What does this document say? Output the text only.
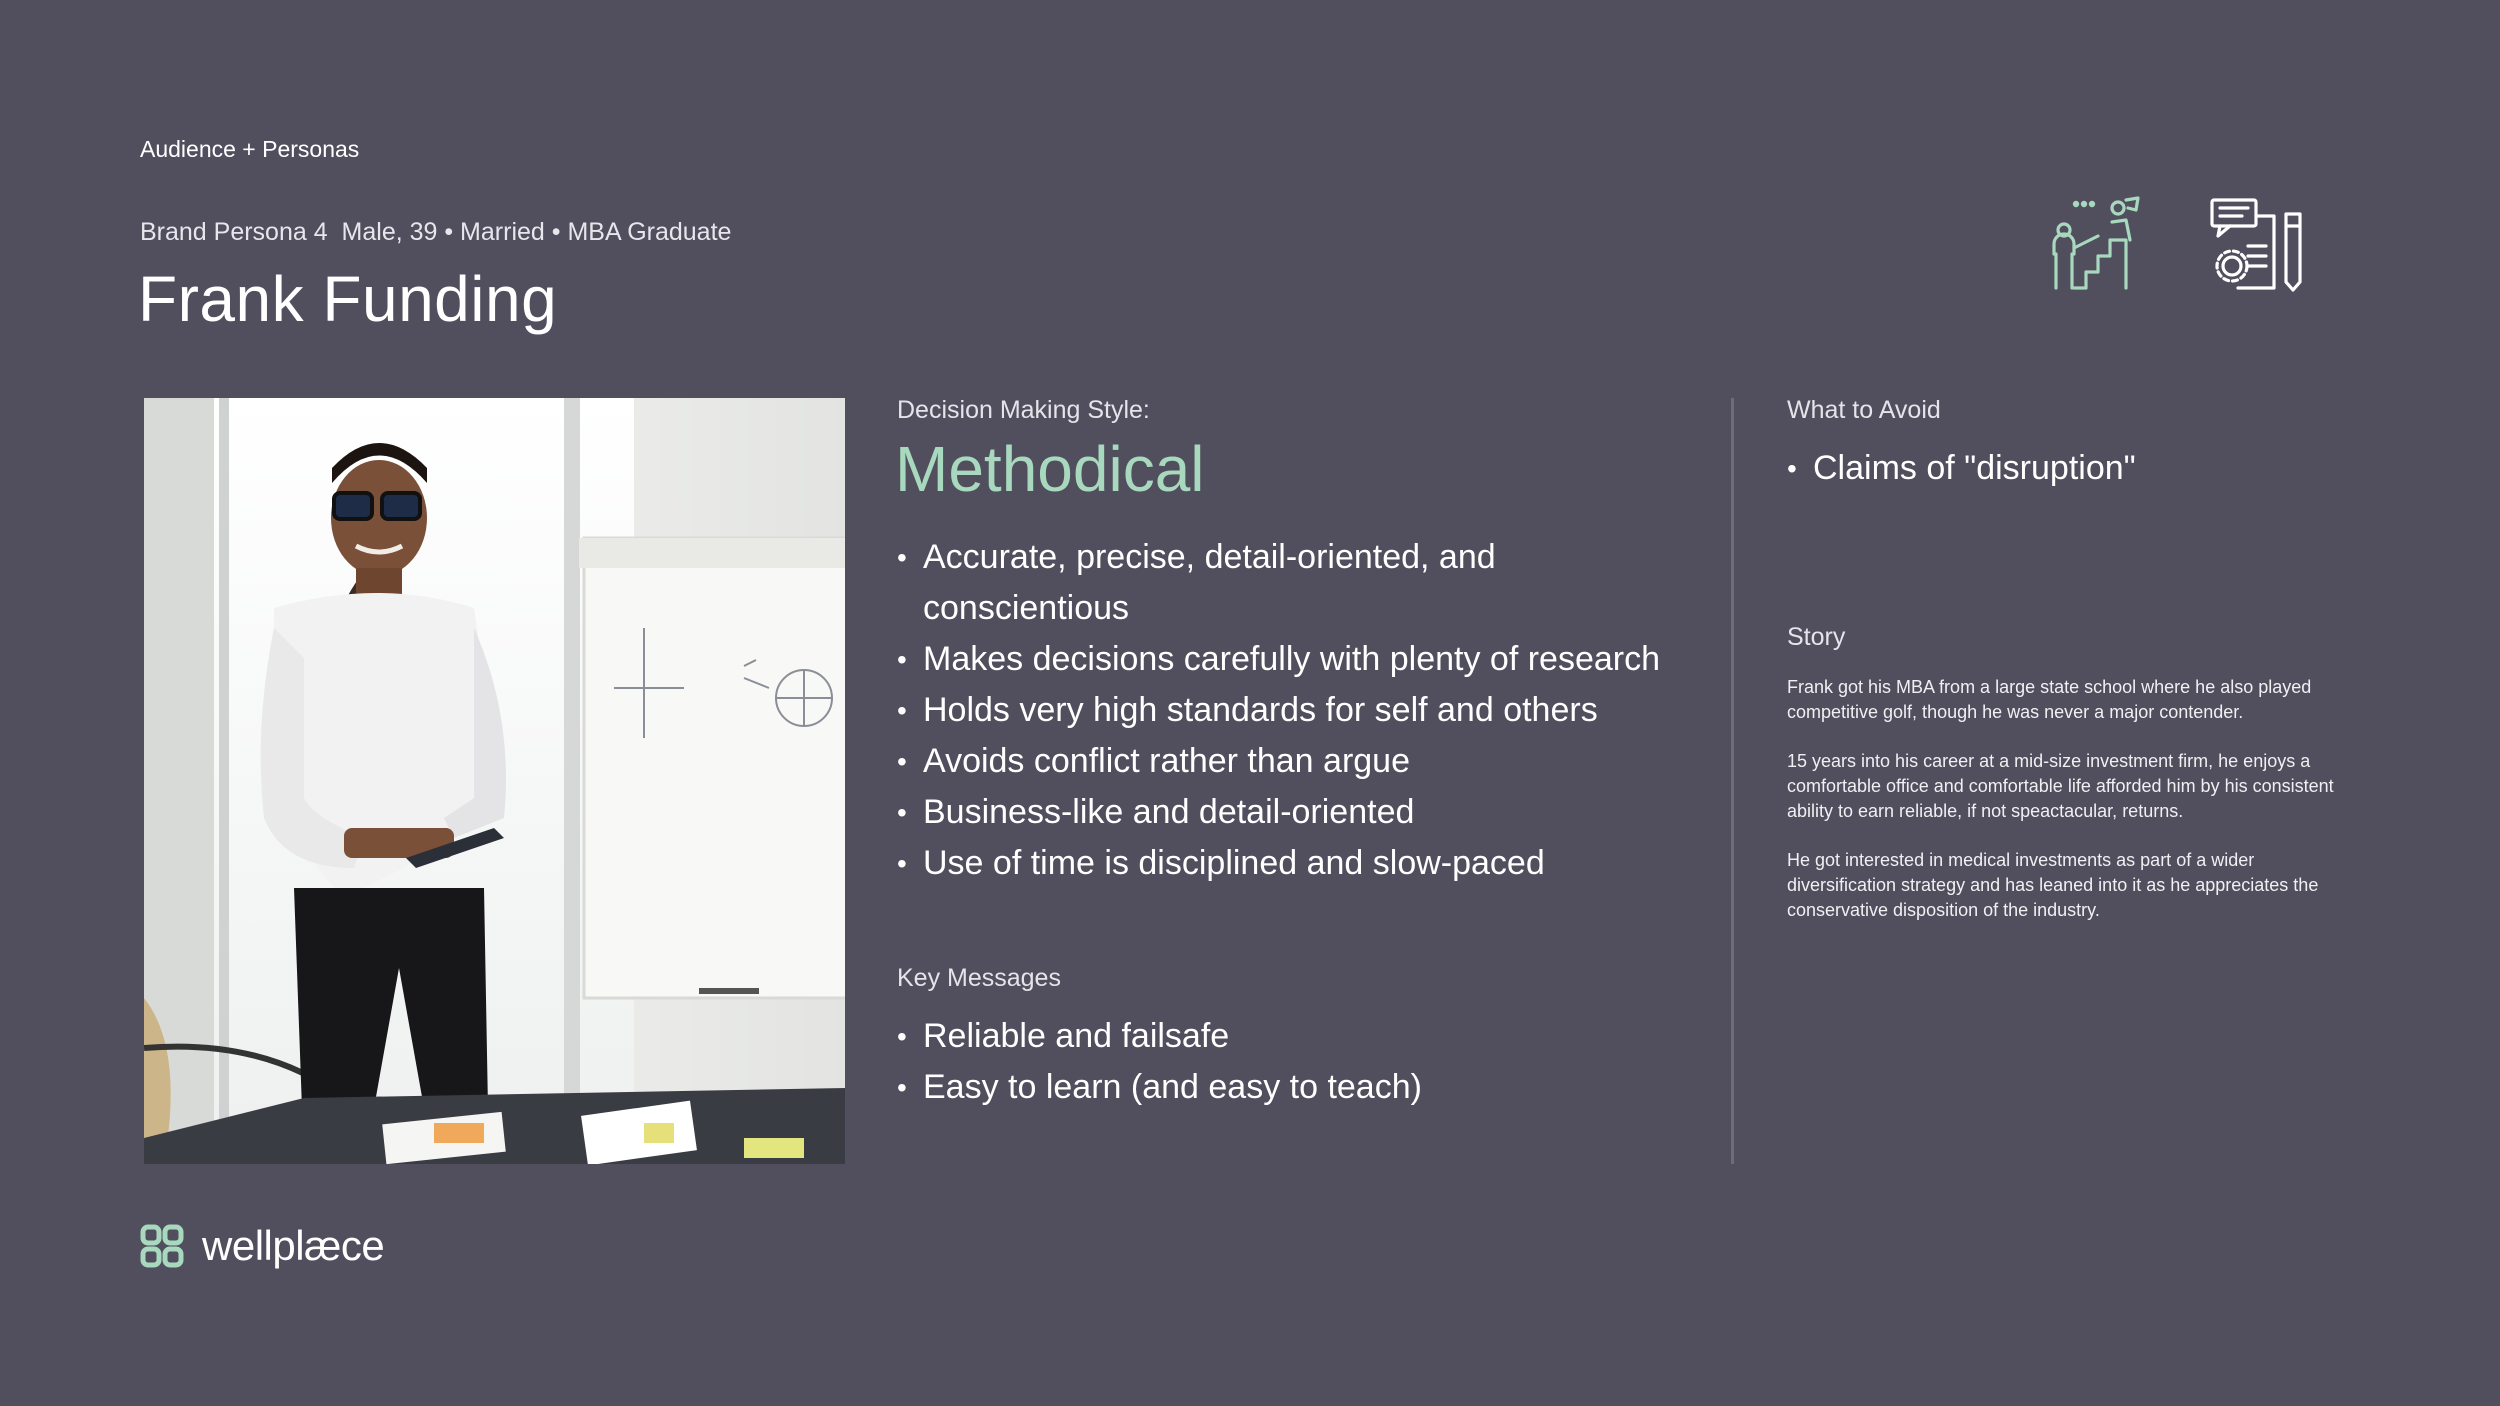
Audience + Personas
Brand Persona 4 Male, 39 • Married • MBA Graduate
Frank Funding
Decision Making Style:
Methodical
• Accurate, precise, detail-oriented, and conscientious
• Makes decisions carefully with plenty of research
• Holds very high standards for self and others
• Avoids conflict rather than argue
• Business-like and detail-oriented
• Use of time is disciplined and slow-paced
Key Messages
• Reliable and failsafe
• Easy to learn (and easy to teach)
What to Avoid
• Claims of "disruption"
Story

Frank got his MBA from a large state school where he also played competitive golf, though he was never a major contender.

15 years into his career at a mid-size investment firm, he enjoys a comfortable office and comfortable life afforded him by his consistent ability to earn reliable, if not speactacular, returns.

He got interested in medical investments as part of a wider diversification strategy and has leaned into it as he appreciates the conservative disposition of the industry.

wellplæce
